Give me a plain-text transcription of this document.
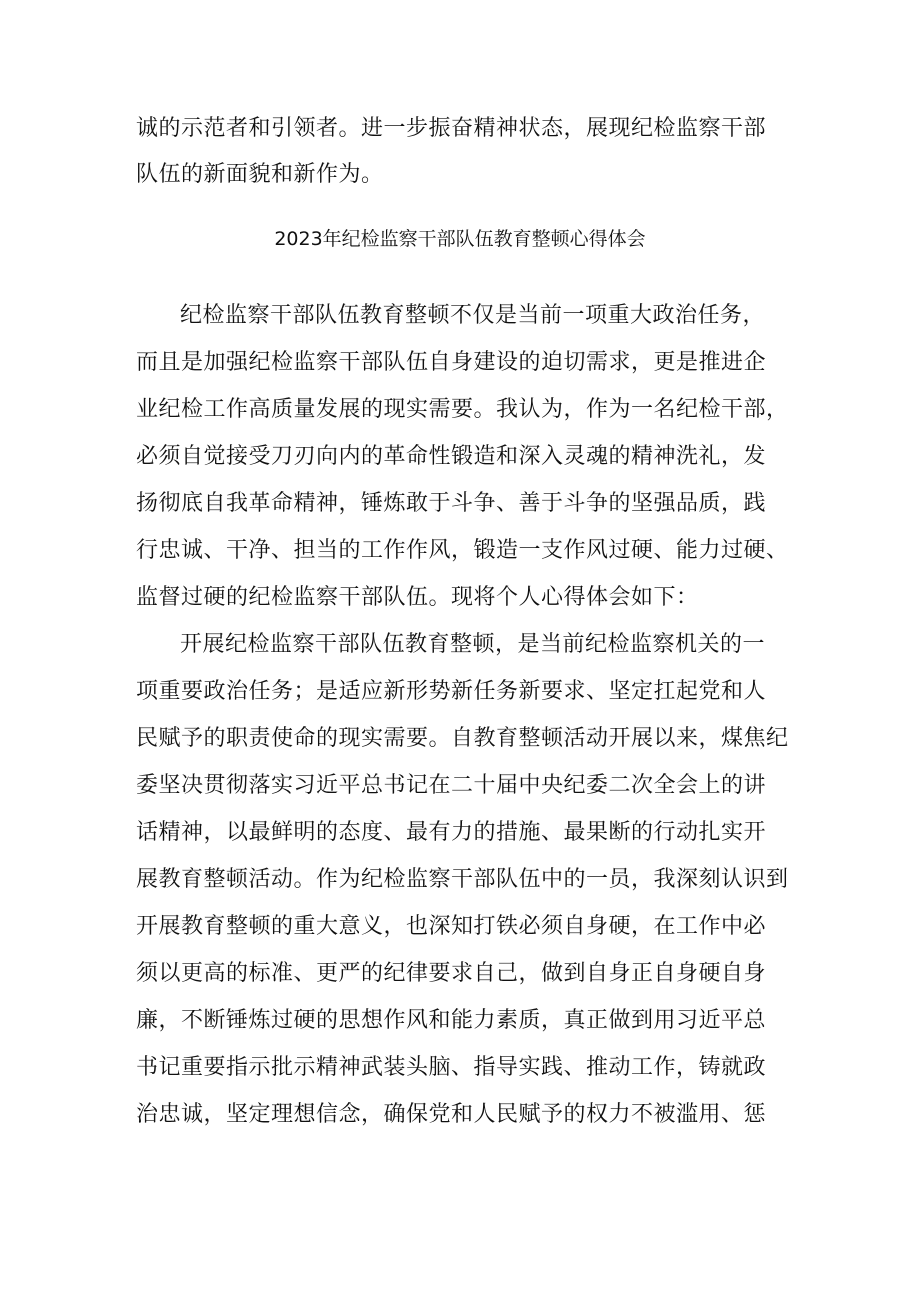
诚的示范者和引领者。进一步振奋精神状态，展现纪检监察干部
队伍的新面貌和新作为。
2023年纪检监察干部队伍教育整顿心得体会
纪检监察干部队伍教育整顿不仅是当前一项重大政治任务，
而且是加强纪检监察干部队伍自身建设的迫切需求，更是推进企
业纪检工作高质量发展的现实需要。我认为，作为一名纪检干部，
必须自觉接受刀刃向内的革命性锻造和深入灵魂的精神洗礼，发
扬彻底自我革命精神，锤炼敢于斗争、善于斗争的坚强品质，践
行忠诚、干净、担当的工作作风，锻造一支作风过硬、能力过硬、
监督过硬的纪检监察干部队伍。现将个人心得体会如下：
开展纪检监察干部队伍教育整顿，是当前纪检监察机关的一
项重要政治任务；是适应新形势新任务新要求、坚定扛起党和人
民赋予的职责使命的现实需要。自教育整顿活动开展以来，煤焦纪
委坚决贯彻落实习近平总书记在二十届中央纪委二次全会上的讲
话精神，以最鲜明的态度、最有力的措施、最果断的行动扎实开
展教育整顿活动。作为纪检监察干部队伍中的一员，我深刻认识到
开展教育整顿的重大意义，也深知打铁必须自身硬，在工作中必
须以更高的标准、更严的纪律要求自己，做到自身正自身硬自身
廉，不断锤炼过硬的思想作风和能力素质，真正做到用习近平总
书记重要指示批示精神武装头脑、指导实践、推动工作，铸就政
治忠诚，坚定理想信念，确保党和人民赋予的权力不被滥用、惩
